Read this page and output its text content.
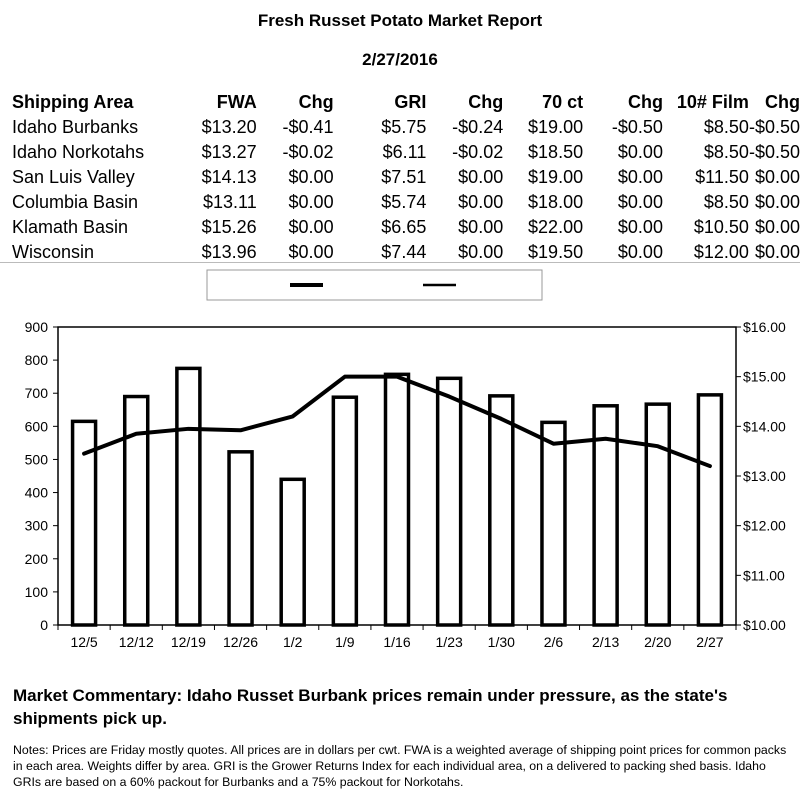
Fresh Russet Potato Market Report
2/27/2016
Shipping Area	FWA	Chg	GRI	Chg	70 ct	Chg	10# Film	Chg
Idaho Burbanks	$13.20	-$0.41	$5.75	-$0.24	$19.00	-$0.50	$8.50	-$0.50
Idaho Norkotahs	$13.27	-$0.02	$6.11	-$0.02	$18.50	$0.00	$8.50	-$0.50
San Luis Valley	$14.13	$0.00	$7.51	$0.00	$19.00	$0.00	$11.50	$0.00
Columbia Basin	$13.11	$0.00	$5.74	$0.00	$18.00	$0.00	$8.50	$0.00
Klamath Basin	$15.26	$0.00	$6.65	$0.00	$22.00	$0.00	$10.50	$0.00
Wisconsin	$13.96	$0.00	$7.44	$0.00	$19.50	$0.00	$12.00	$0.00
0
100
200
300
400
500
600
700
800
900
$10.00
$11.00
$12.00
$13.00
$14.00
$15.00
$16.00
12/5 12/12 12/19 12/26 1/2 1/9 1/16 1/23 1/30 2/6 2/13 2/20 2/27
Market Commentary: Idaho Russet Burbank prices remain under pressure, as the state's shipments pick up.
Notes: Prices are Friday mostly quotes. All prices are in dollars per cwt. FWA is a weighted average of shipping point prices for common packs in each area. Weights differ by area. GRI is the Grower Returns Index for each individual area, on a delivered to packing shed basis. Idaho GRIs are based on a 60% packout for Burbanks and a 75% packout for Norkotahs.
